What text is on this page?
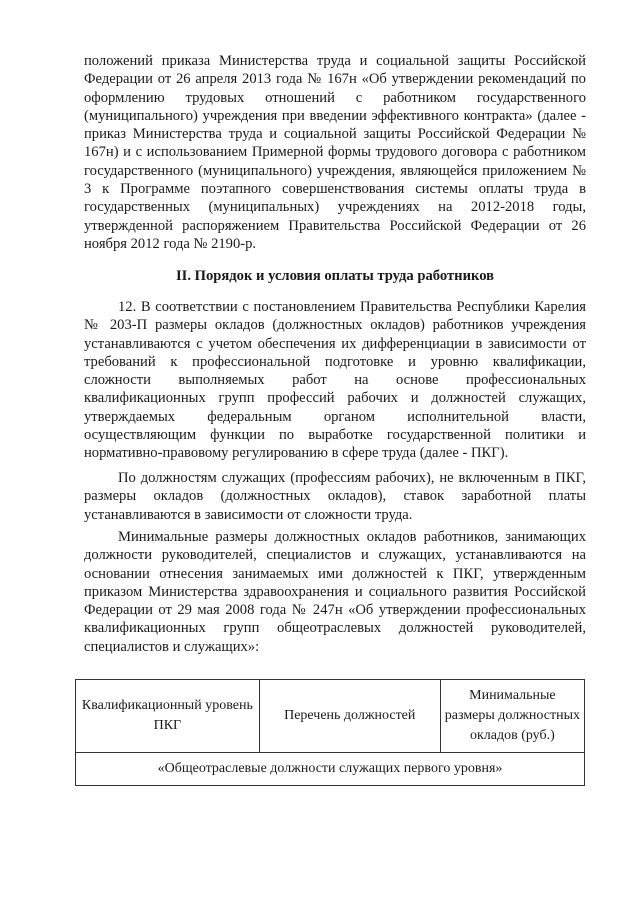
положений приказа Министерства труда и социальной защиты Российской Федерации от 26 апреля 2013 года № 167н «Об утверждении рекомендаций по оформлению трудовых отношений с работником государственного (муниципального) учреждения при введении эффективного контракта» (далее - приказ Министерства труда и социальной защиты Российской Федерации № 167н) и с использованием Примерной формы трудового договора с работником государственного (муниципального) учреждения, являющейся приложением № 3 к Программе поэтапного совершенствования системы оплаты труда в государственных (муниципальных) учреждениях на 2012-2018 годы, утвержденной распоряжением Правительства Российской Федерации от 26 ноября 2012 года № 2190-р.

II. Порядок и условия оплаты труда работников

12. В соответствии с постановлением Правительства Республики Карелия № 203-П размеры окладов (должностных окладов) работников учреждения устанавливаются с учетом обеспечения их дифференциации в зависимости от требований к профессиональной подготовке и уровню квалификации, сложности выполняемых работ на основе профессиональных квалификационных групп профессий рабочих и должностей служащих, утверждаемых федеральным органом исполнительной власти, осуществляющим функции по выработке государственной политики и нормативно-правовому регулированию в сфере труда (далее - ПКГ).

По должностям служащих (профессиям рабочих), не включенным в ПКГ, размеры окладов (должностных окладов), ставок заработной платы устанавливаются в зависимости от сложности труда.

Минимальные размеры должностных окладов работников, занимающих должности руководителей, специалистов и служащих, устанавливаются на основании отнесения занимаемых ими должностей к ПКГ, утвержденным приказом Министерства здравоохранения и социального развития Российской Федерации от 29 мая 2008 года № 247н «Об утверждении профессиональных квалификационных групп общеотраслевых должностей руководителей, специалистов и служащих»:

Квалификационный уровень ПКГ	Перечень должностей	Минимальные размеры должностных окладов (руб.)
«Общеотраслевые должности служащих первого уровня»
